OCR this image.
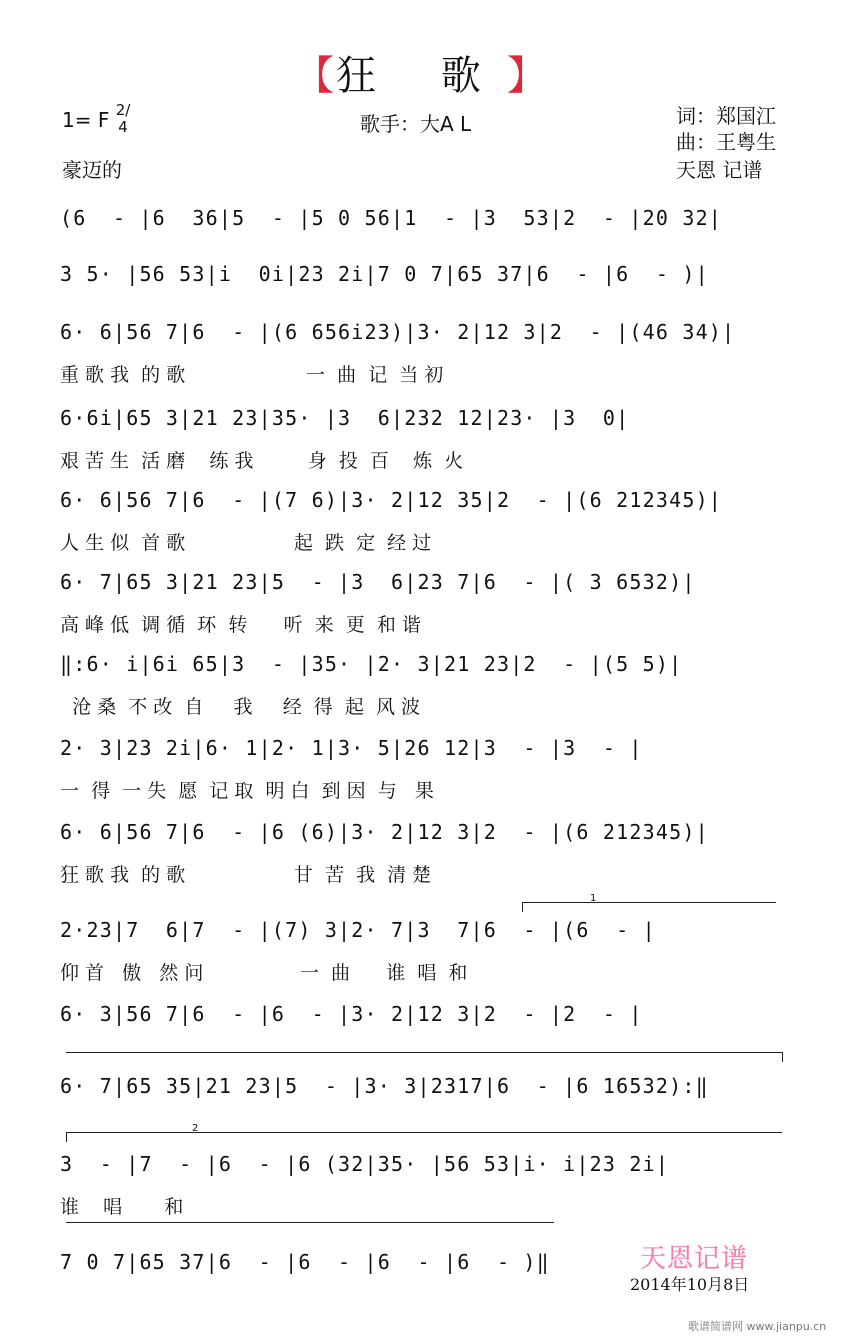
【狂 歌】
1= F 2/4	歌手：大A L	词：郑国江
曲：王粤生
豪迈的	天恩 记谱
(6  - |6  36|5  - |5 0 56|1  - |3  53|2  - |20 32|
3 5· |56 53|i  0i|23 2i|7 0 7|65 37|6  - |6  - )|
6· 6|56 7|6  - |(6 656i23)|3· 2|12 3|2  - |(46 34)|
重 歌 我  的 歌                    一  曲  记  当 初
6·6i|65 3|21 23|35· |3  6|232 12|23· |3  0|
艰 苦 生  活 磨    练 我         身  投  百    炼  火
6· 6|56 7|6  - |(7 6)|3· 2|12 35|2  - |(6 212345)|
人 生 似  首 歌                  起  跌  定  经 过
6· 7|65 3|21 23|5  - |3  6|23 7|6  - |( 3 6532)|
高 峰 低  调 循  环  转      听  来  更  和 谐
‖:6· i|6i 65|3  - |35· |2· 3|21 23|2  - |(5 5)|
沧 桑  不 改  自     我     经  得  起  风 波
2· 3|23 2i|6· 1|2· 1|3· 5|26 12|3  - |3  - |
一  得  一 失  愿  记 取  明 白  到 因  与   果
6· 6|56 7|6  - |6 (6)|3· 2|12 3|2  - |(6 212345)|
狂 歌 我  的 歌                  甘  苦  我  清 楚
2·23|7  6|7  - |(7) 3|2· 7|3  7|6  - |(6  - |
仰 首   傲   然 问                一  曲      谁  唱  和
6· 3|56 7|6  - |6  - |3· 2|12 3|2  - |2  - |
6· 7|65 35|21 23|5  - |3· 3|2317|6  - |6 16532):‖
3  - |7  - |6  - |6 (32|35· |56 53|i· i|23 2i|
谁    唱       和
7 0 7|65 37|6  - |6  - |6  - |6  - )‖
1
2
天恩记谱
2014年10月8日
歌谱简谱网 www.jianpu.cn
